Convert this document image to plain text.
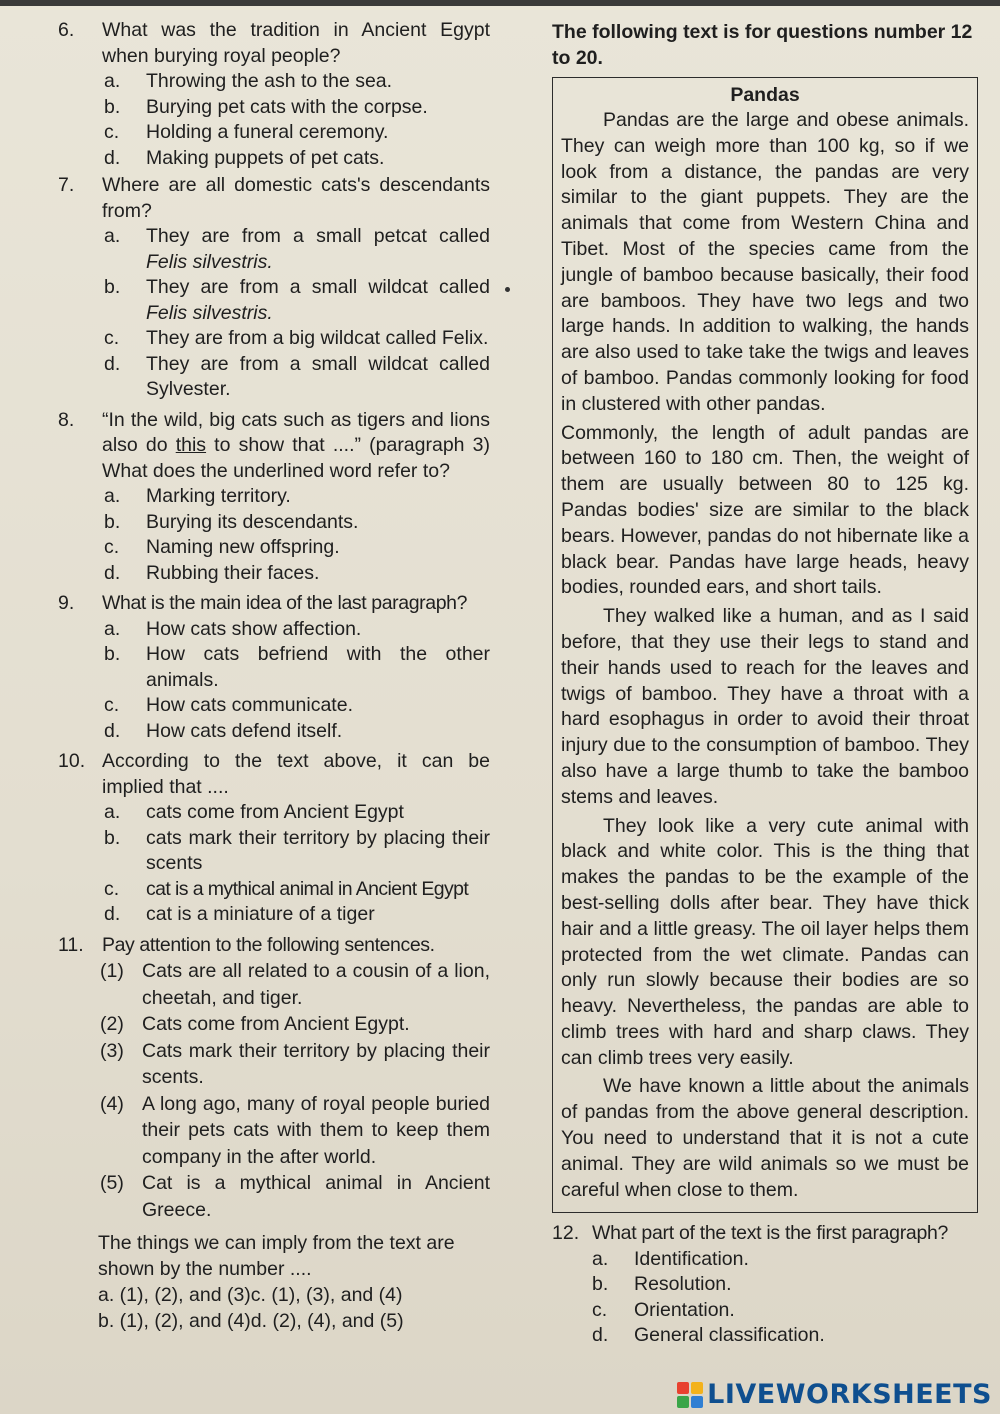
6.	What was the tradition in Ancient Egypt when burying royal people?
a.	Throwing the ash to the sea.
b.	Burying pet cats with the corpse.
c.	Holding a funeral ceremony.
d.	Making puppets of pet cats.
7.	Where are all domestic cats's descendants from?
a.	They are from a small petcat called Felis silvestris.
b.	They are from a small wildcat called Felis silvestris.
c.	They are from a big wildcat called Felix.
d.	They are from a small wildcat called Sylvester.
8.	“In the wild, big cats such as tigers and lions also do this to show that ....” (paragraph 3) What does the underlined word refer to?
a.	Marking territory.
b.	Burying its descendants.
c.	Naming new offspring.
d.	Rubbing their faces.
9.	What is the main idea of the last paragraph?
a.	How cats show affection.
b.	How cats befriend with the other animals.
c.	How cats communicate.
d.	How cats defend itself.
10. According to the text above, it can be implied that ....
a.	cats come from Ancient Egypt
b.	cats mark their territory by placing their scents
c.	cat is a mythical animal in Ancient Egypt
d.	cat is a miniature of a tiger
11. Pay attention to the following sentences.
(1) Cats are all related to a cousin of a lion, cheetah, and tiger.
(2) Cats come from Ancient Egypt.
(3) Cats mark their territory by placing their scents.
(4) A long ago, many of royal people buried their pets cats with them to keep them company in the after world.
(5) Cat is a mythical animal in Ancient Greece.
The things we can imply from the text are shown by the number ....
a. (1), (2), and (3)c. (1), (3), and (4)
b. (1), (2), and (4)d. (2), (4), and (5)
The following text is for questions number 12 to 20.
Pandas

Pandas are the large and obese animals. They can weigh more than 100 kg, so if we look from a distance, the pandas are very similar to the giant puppets. They are the animals that come from Western China and Tibet. Most of the species came from the jungle of bamboo because basically, their food are bamboos. They have two legs and two large hands. In addition to walking, the hands are also used to take take the twigs and leaves of bamboo. Pandas commonly looking for food in clustered with other pandas.

Commonly, the length of adult pandas are between 160 to 180 cm. Then, the weight of them are usually between 80 to 125 kg. Pandas bodies' size are similar to the black bears. However, pandas do not hibernate like a black bear. Pandas have large heads, heavy bodies, rounded ears, and short tails.

They walked like a human, and as I said before, that they use their legs to stand and their hands used to reach for the leaves and twigs of bamboo. They have a throat with a hard esophagus in order to avoid their throat injury due to the consumption of bamboo. They also have a large thumb to take the bamboo stems and leaves.

They look like a very cute animal with black and white color. This is the thing that makes the pandas to be the example of the best-selling dolls after bear. They have thick hair and a little greasy. The oil layer helps them protected from the wet climate. Pandas can only run slowly because their bodies are so heavy. Nevertheless, the pandas are able to climb trees with hard and sharp claws. They can climb trees very easily.

We have known a little about the animals of pandas from the above general description. You need to understand that it is not a cute animal. They are wild animals so we must be careful when close to them.

12. What part of the text is the first paragraph?
a.	Identification.
b.	Resolution.
c.	Orientation.
d.	General classification.
LIVEWORKSHEETS
